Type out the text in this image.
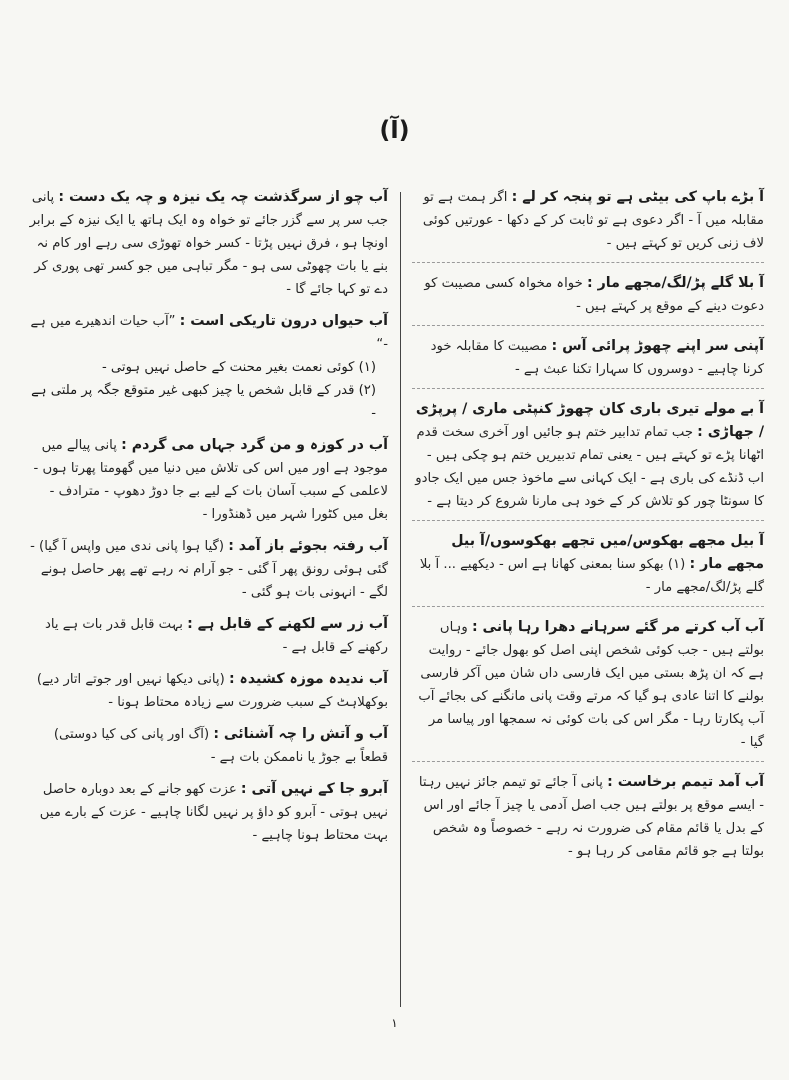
(آ)
آ بڑے باپ کی بیٹی ہے تو پنجہ کر لے : اگر ہمت ہے تو مقابلہ میں آ - اگر دعوی ہے تو ثابت کر کے دکھا - عورتیں کوئی لاف زنی کریں تو کہتے ہیں -
آ بلا گلے پڑ/لگ/مجھے مار : خواہ مخواہ کسی مصیبت کو دعوت دینے کے موقع پر کہتے ہیں -
آپنی سر اپنے چھوڑ پرائی آس : مصیبت کا مقابلہ خود کرنا چاہیے - دوسروں کا سہارا تکنا عبث ہے -
آ بے مولے تیری باری کان چھوڑ کنپٹی ماری / پرپڑی / جھاڑی : جب تمام تدابیر ختم ہو جائیں اور آخری سخت قدم اٹھانا پڑے تو کہتے ہیں - یعنی تمام تدبیریں ختم ہو چکی ہیں - اب ڈنڈے کی باری ہے - ایک کہانی سے ماخوذ جس میں ایک جادو کا سونٹا چور کو تلاش کر کے خود ہی مارنا شروع کر دیتا ہے -
آ بیل مجھے بھکوس/میں تجھے بھکوسوں/آ بیل مجھے مار : (۱) بھکو سنا بمعنی کھانا ہے اس - دیکھیے ... آ بلا گلے پڑ/لگ/مجھے مار -
آب آب کرتے مر گئے سرہانے دھرا رہا پانی : وہاں بولتے ہیں - جب کوئی شخص اپنی اصل کو بھول جائے - روایت ہے کہ ان پڑھ بستی میں ایک فارسی داں شان میں آکر فارسی بولنے کا اتنا عادی ہو گیا کہ مرتے وقت پانی مانگنے کی بجائے آب آب پکارتا رہا - مگر اس کی بات کوئی نہ سمجھا اور پیاسا مر گیا -
آب آمد تیمم برخاست : پانی آ جائے تو تیمم جائز نہیں رہتا - ایسے موقع پر بولتے ہیں جب اصل آدمی یا چیز آ جائے اور اس کے بدل یا قائم مقام کی ضرورت نہ رہے - خصوصاً وہ شخص بولتا ہے جو قائم مقامی کر رہا ہو -
آب چو از سرگذشت چہ یک نیزہ و چہ یک دست : پانی جب سر پر سے گزر جائے تو خواہ وہ ایک ہاتھ یا ایک نیزہ کے برابر اونچا ہو ، فرق نہیں پڑتا - کسر خواہ تھوڑی سی رہے اور کام نہ بنے یا بات چھوٹی سی ہو - مگر تباہی میں جو کسر تھی پوری کر دے تو کہا جائے گا -
آب حیواں درون تاریکی است : ”آب حیات اندھیرے میں ہے -“
(۱) کوئی نعمت بغیر محنت کے حاصل نہیں ہوتی -
(۲) قدر کے قابل شخص یا چیز کبھی غیر متوقع جگہ پر ملتی ہے -
آب در کوزہ و من گرد جہاں می گردم : پانی پیالے میں موجود ہے اور میں اس کی تلاش میں دنیا میں گھومتا پھرتا ہوں - لاعلمی کے سبب آسان بات کے لیے بے جا دوڑ دھوپ - مترادف - بغل میں کٹورا شہر میں ڈھنڈورا -
آب رفتہ بجوئے باز آمد : (گیا ہوا پانی ندی میں واپس آ گیا) - گئی ہوئی رونق پھر آ گئی - جو آرام نہ رہے تھے پھر حاصل ہونے لگے - انہونی بات ہو گئی -
آب زر سے لکھنے کے قابل ہے : بہت قابل قدر بات ہے یاد رکھنے کے قابل ہے -
آب ندیدہ موزہ کشیدہ : (پانی دیکھا نہیں اور جوتے اتار دیے) بوکھلاہٹ کے سبب ضرورت سے زیادہ محتاط ہونا -
آب و آتش را چہ آشنائی : (آگ اور پانی کی کیا دوستی) قطعاً بے جوڑ یا ناممکن بات ہے -
آبرو جا کے نہیں آتی : عزت کھو جانے کے بعد دوبارہ حاصل نہیں ہوتی - آبرو کو داؤ پر نہیں لگانا چاہیے - عزت کے بارے میں بہت محتاط ہونا چاہیے -
۱
